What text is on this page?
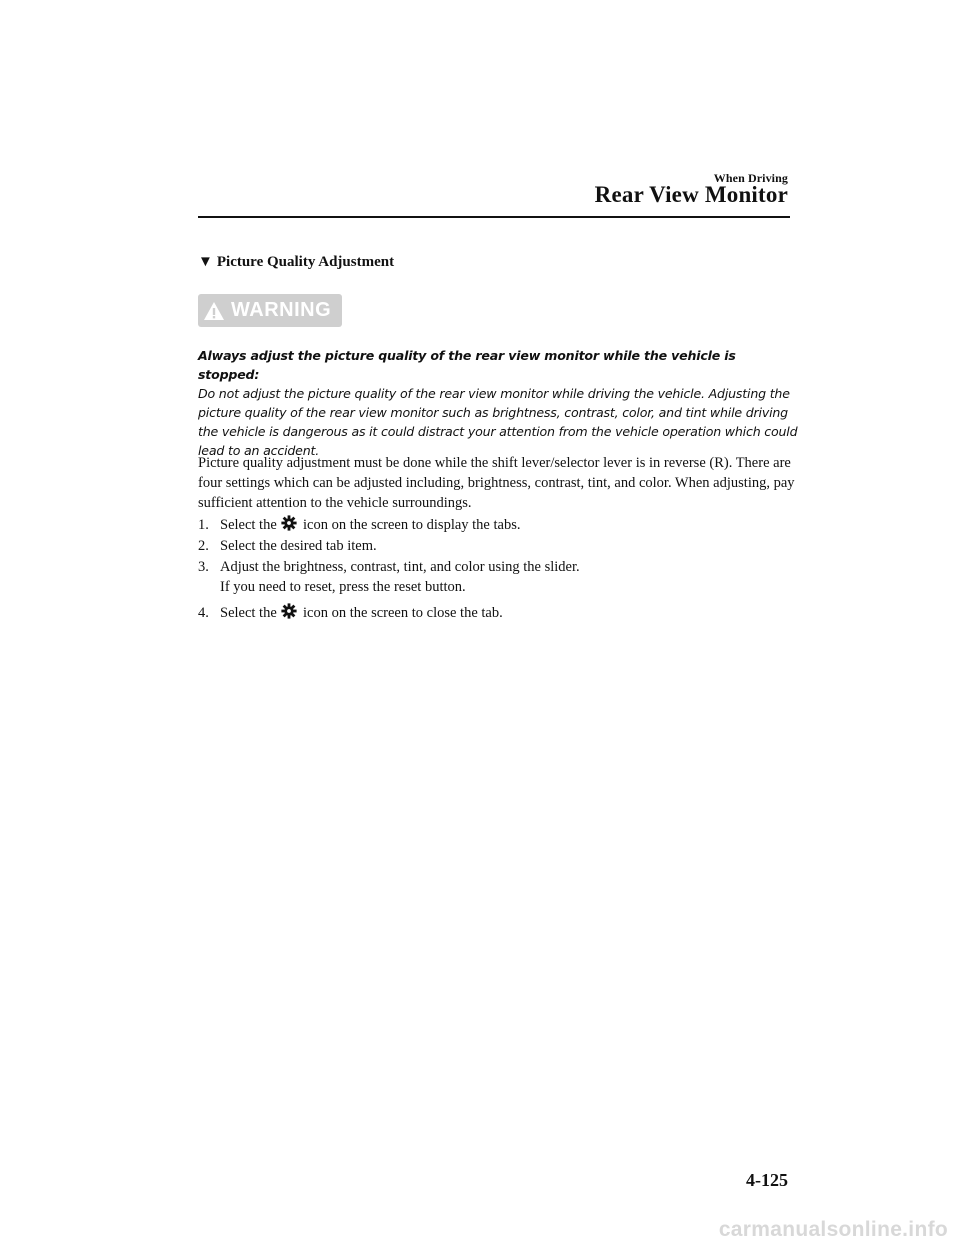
When Driving
Rear View Monitor
▼ Picture Quality Adjustment
WARNING
Always adjust the picture quality of the rear view monitor while the vehicle is stopped:
Do not adjust the picture quality of the rear view monitor while driving the vehicle. Adjusting the picture quality of the rear view monitor such as brightness, contrast, color, and tint while driving the vehicle is dangerous as it could distract your attention from the vehicle operation which could lead to an accident.
Picture quality adjustment must be done while the shift lever/selector lever is in reverse (R). There are four settings which can be adjusted including, brightness, contrast, tint, and color. When adjusting, pay sufficient attention to the vehicle surroundings.
1. Select the icon on the screen to display the tabs.
2. Select the desired tab item.
3. Adjust the brightness, contrast, tint, and color using the slider.
If you need to reset, press the reset button.
4. Select the icon on the screen to close the tab.
4-125
carmanualsonline.info
